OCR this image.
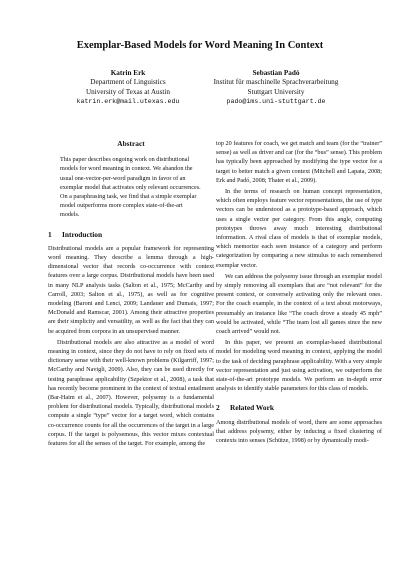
Exemplar-Based Models for Word Meaning In Context
Katrin Erk
Department of Linguistics
University of Texas at Austin
katrin.erk@mail.utexas.edu
Sebastian Padó
Institut für maschinelle Sprachverarbeitung
Stuttgart University
pado@ims.uni-stuttgart.de
Abstract

This paper describes ongoing work on distributional models for word meaning in context. We abandon the usual one-vector-per-word paradigm in favor of an exemplar model that activates only relevant occurrences. On a paraphrasing task, we find that a simple exemplar model outperforms more complex state-of-the-art models.

1 Introduction

Distributional models are a popular framework for representing word meaning. They describe a lemma through a high-dimensional vector that records co-occurrence with context features over a large corpus. Distributional models have been used in many NLP analysis tasks (Salton et al., 1975; McCarthy and Carroll, 2003; Salton et al., 1975), as well as for cognitive modeling (Baroni and Lenci, 2009; Landauer and Dumais, 1997; McDonald and Ramscar, 2001). Among their attractive properties are their simplicity and versatility, as well as the fact that they can be acquired from corpora in an unsupervised manner.

Distributional models are also attractive as a model of word meaning in context, since they do not have to rely on fixed sets of dictionary sense with their well-known problems (Kilgarriff, 1997; McCarthy and Navigli, 2009). Also, they can be used directly for testing paraphrase applicability (Szpektor et al., 2008), a task that has recently become prominent in the context of textual entailment (Bar-Haim et al., 2007). However, polysemy is a fundamental problem for distributional models. Typically, distributional models compute a single “type” vector for a target word, which contains co-occurrence counts for all the occurrences of the target in a large corpus. If the target is polysemous, this vector mixes contextual features for all the senses of the target. For example, among the

top 20 features for coach, we get match and team (for the “trainer” sense) as well as driver and car (for the “bus” sense). This problem has typically been approached by modifying the type vector for a target to better match a given context (Mitchell and Lapata, 2008; Erk and Padó, 2008; Thater et al., 2009).

In the terms of research on human concept representation, which often employs feature vector representations, the use of type vectors can be understood as a prototype-based approach, which uses a single vector per category. From this angle, computing prototypes throws away much interesting distributional information. A rival class of models is that of exemplar models, which memorize each seen instance of a category and perform categorization by comparing a new stimulus to each remembered exemplar vector.

We can address the polysemy issue through an exemplar model by simply removing all exemplars that are “not relevant” for the present context, or conversely activating only the relevant ones. For the coach example, in the context of a text about motorways, presumably an instance like “The coach drove a steady 45 mph” would be activated, while “The team lost all games since the new coach arrived” would not.

In this paper, we present an exemplar-based distributional model for modeling word meaning in context, applying the model to the task of deciding paraphrase applicability. With a very simple vector representation and just using activation, we outperform the state-of-the-art prototype models. We perform an in-depth error analysis to identify stable parameters for this class of models.

2 Related Work

Among distributional models of word, there are some approaches that address polysemy, either by inducing a fixed clustering of contexts into senses (Schütze, 1998) or by dynamically modi-
